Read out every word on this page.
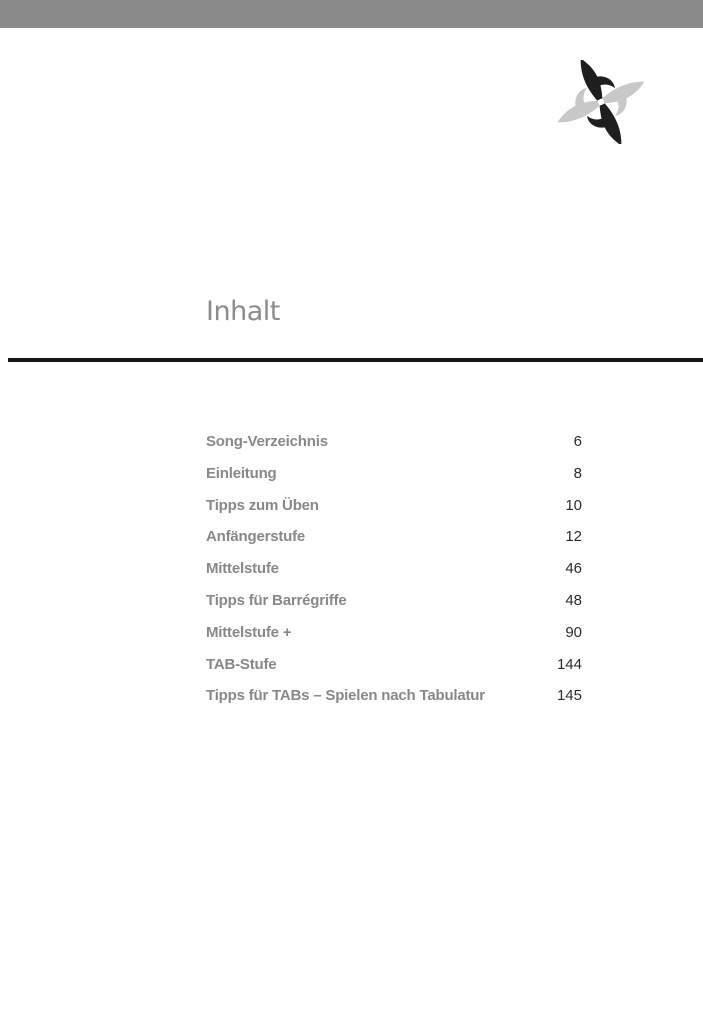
Inhalt
Song-Verzeichnis	6
Einleitung	8
Tipps zum Üben	10
Anfängerstufe	12
Mittelstufe	46
Tipps für Barrégriffe	48
Mittelstufe +	90
TAB-Stufe	144
Tipps für TABs – Spielen nach Tabulatur	145
